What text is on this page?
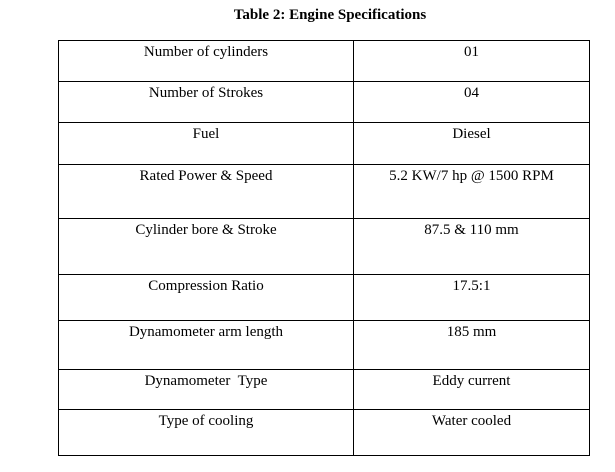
Table 2: Engine Specifications
Number of cylinders	01
Number of Strokes	04
Fuel	Diesel
Rated Power & Speed	5.2 KW/7 hp @ 1500 RPM
Cylinder bore & Stroke	87.5 & 110 mm
Compression Ratio	17.5:1
Dynamometer arm length	185 mm
Dynamometer  Type	Eddy current
Type of cooling	Water cooled
